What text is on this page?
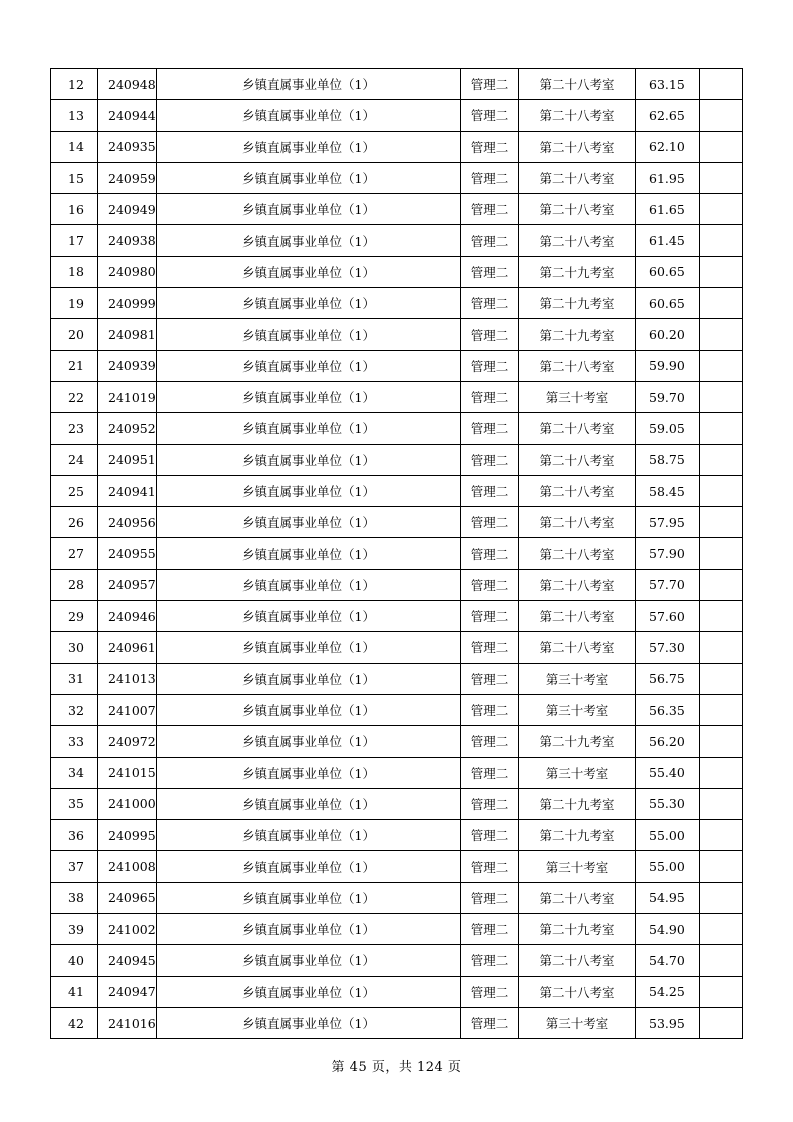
12	240948	乡镇直属事业单位（1）	管理二	第二十八考室	63.15	
13	240944	乡镇直属事业单位（1）	管理二	第二十八考室	62.65	
14	240935	乡镇直属事业单位（1）	管理二	第二十八考室	62.10	
15	240959	乡镇直属事业单位（1）	管理二	第二十八考室	61.95	
16	240949	乡镇直属事业单位（1）	管理二	第二十八考室	61.65	
17	240938	乡镇直属事业单位（1）	管理二	第二十八考室	61.45	
18	240980	乡镇直属事业单位（1）	管理二	第二十九考室	60.65	
19	240999	乡镇直属事业单位（1）	管理二	第二十九考室	60.65	
20	240981	乡镇直属事业单位（1）	管理二	第二十九考室	60.20	
21	240939	乡镇直属事业单位（1）	管理二	第二十八考室	59.90	
22	241019	乡镇直属事业单位（1）	管理二	第三十考室	59.70	
23	240952	乡镇直属事业单位（1）	管理二	第二十八考室	59.05	
24	240951	乡镇直属事业单位（1）	管理二	第二十八考室	58.75	
25	240941	乡镇直属事业单位（1）	管理二	第二十八考室	58.45	
26	240956	乡镇直属事业单位（1）	管理二	第二十八考室	57.95	
27	240955	乡镇直属事业单位（1）	管理二	第二十八考室	57.90	
28	240957	乡镇直属事业单位（1）	管理二	第二十八考室	57.70	
29	240946	乡镇直属事业单位（1）	管理二	第二十八考室	57.60	
30	240961	乡镇直属事业单位（1）	管理二	第二十八考室	57.30	
31	241013	乡镇直属事业单位（1）	管理二	第三十考室	56.75	
32	241007	乡镇直属事业单位（1）	管理二	第三十考室	56.35	
33	240972	乡镇直属事业单位（1）	管理二	第二十九考室	56.20	
34	241015	乡镇直属事业单位（1）	管理二	第三十考室	55.40	
35	241000	乡镇直属事业单位（1）	管理二	第二十九考室	55.30	
36	240995	乡镇直属事业单位（1）	管理二	第二十九考室	55.00	
37	241008	乡镇直属事业单位（1）	管理二	第三十考室	55.00	
38	240965	乡镇直属事业单位（1）	管理二	第二十八考室	54.95	
39	241002	乡镇直属事业单位（1）	管理二	第二十九考室	54.90	
40	240945	乡镇直属事业单位（1）	管理二	第二十八考室	54.70	
41	240947	乡镇直属事业单位（1）	管理二	第二十八考室	54.25	
42	241016	乡镇直属事业单位（1）	管理二	第三十考室	53.95	
第 45 页，共 124 页
